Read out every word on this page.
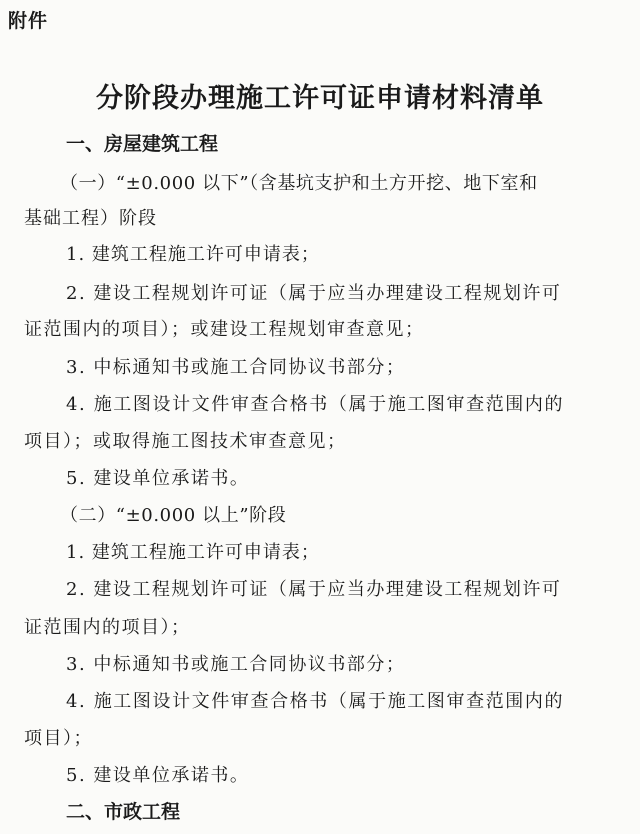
附件
分阶段办理施工许可证申请材料清单
一、房屋建筑工程
（一）“±0.000 以下”（含基坑支护和土方开挖、地下室和
基础工程）阶段
1. 建筑工程施工许可申请表；
2. 建设工程规划许可证（属于应当办理建设工程规划许可
证范围内的项目）；或建设工程规划审查意见；
3. 中标通知书或施工合同协议书部分；
4. 施工图设计文件审查合格书（属于施工图审查范围内的
项目）；或取得施工图技术审查意见；
5. 建设单位承诺书。
（二）“±0.000 以上”阶段
1. 建筑工程施工许可申请表；
2. 建设工程规划许可证（属于应当办理建设工程规划许可
证范围内的项目）；
3. 中标通知书或施工合同协议书部分；
4. 施工图设计文件审查合格书（属于施工图审查范围内的
项目）；
5. 建设单位承诺书。
二、市政工程
